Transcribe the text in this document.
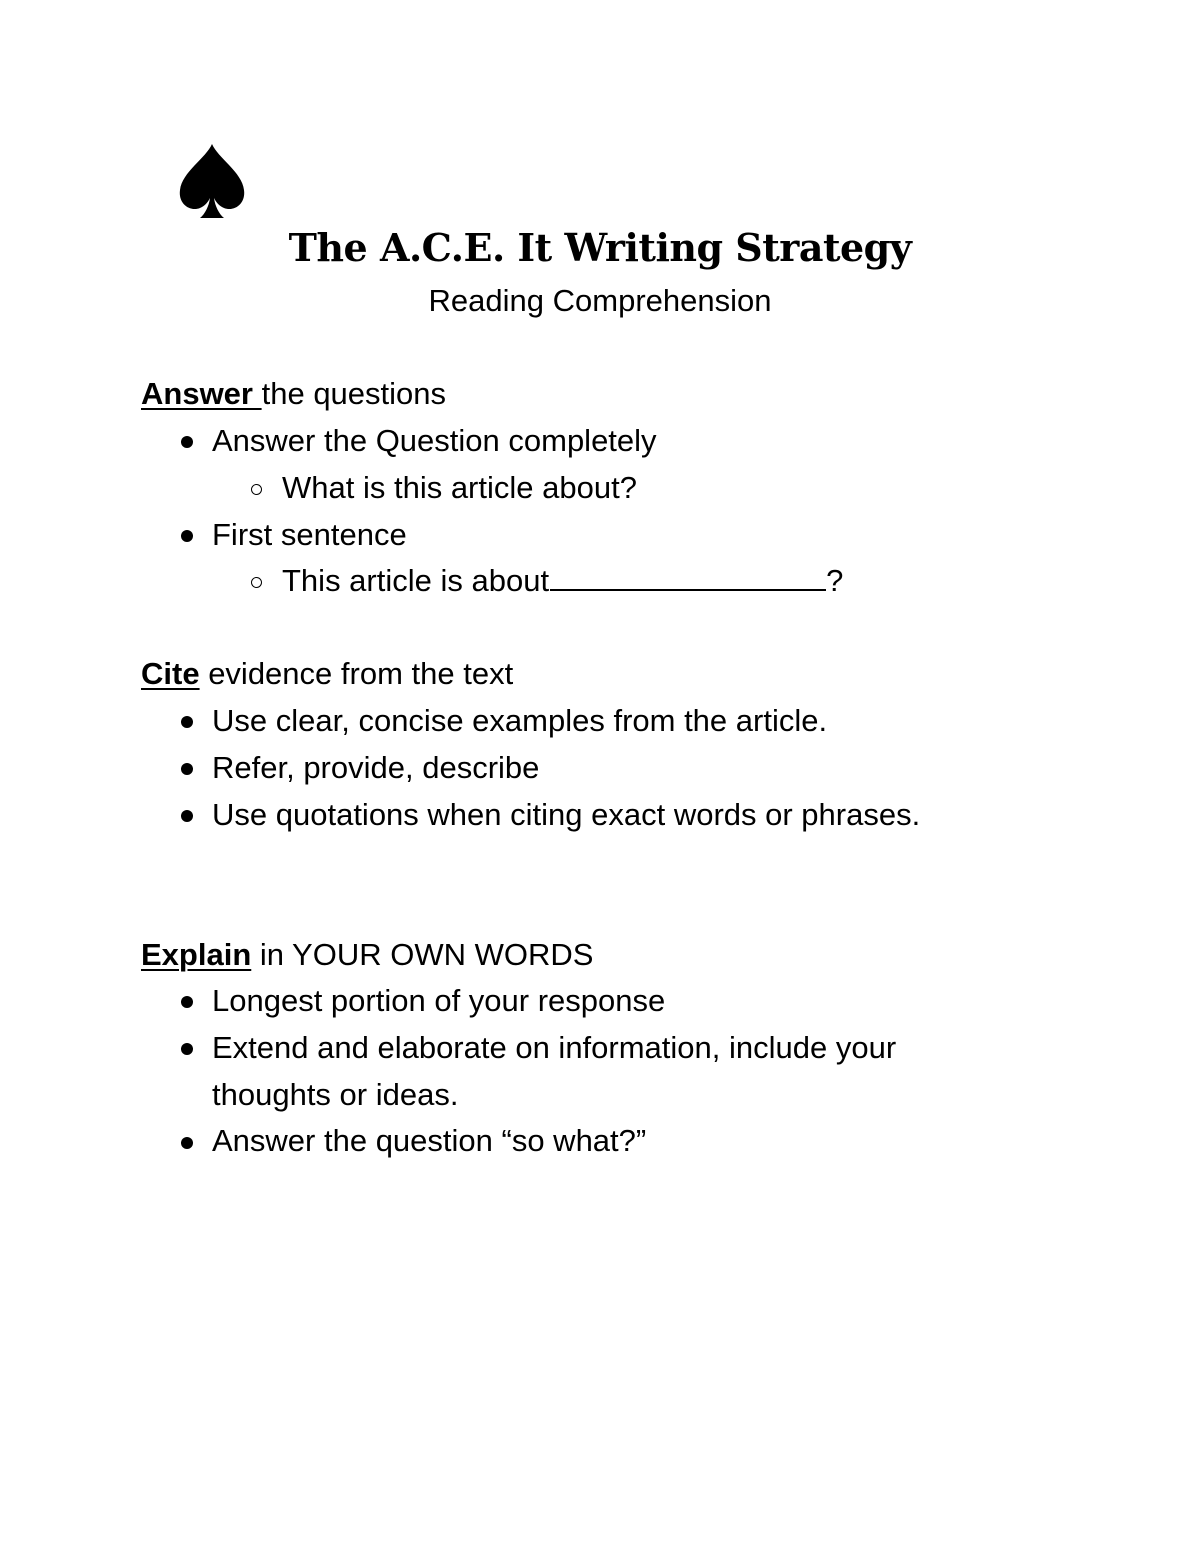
The A.C.E. It Writing Strategy
Reading Comprehension
Answer the questions
Answer the Question completely
What is this article about?
First sentence
This article is about	?
Cite evidence from the text
Use clear, concise examples from the article.
Refer, provide, describe
Use quotations when citing exact words or phrases.
Explain in YOUR OWN WORDS
Longest portion of your response
Extend and elaborate on information, include your
thoughts or ideas.
Answer the question “so what?”
